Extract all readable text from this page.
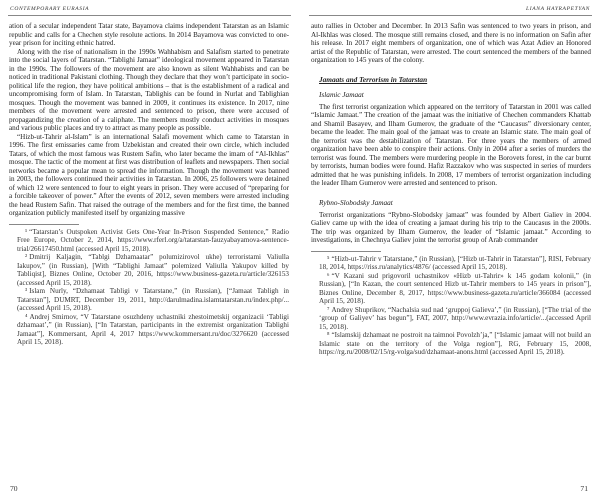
CONTEMPORARY EURASIA	LIANA HAYRAPETYAN

ation of a secular independent Tatar state, Bayamova claims independent Tatarstan as an Islamic republic and calls for a Chechen style resolute actions. In 2014 Bayamova was convicted to one-year prison for inciting ethnic hatred.

Along with the rise of nationalism in the 1990s Wahhabism and Salafism started to penetrate into the social layers of Tatarstan. “Tablighi Jamaat” ideological movement appeared in Tatarstan in the 1990s. The followers of the movement are also known as silent Wahhabists and can be noticed in traditional Pakistani clothing. Though they declare that they won’t participate in socio-political life the region, they have political ambitions – that is the establishment of a radical and uncompromising form of Islam. In Tatarstan, Tablighis can be found in Nurlat and Tablighian mosques. Though the movement was banned in 2009, it continues its existence. In 2017, nine members of the movement were arrested and sentenced to prison, there were accused of propagandizing the creation of a caliphate. The members mostly conduct activities in mosques and various public places and try to attract as many people as possible.

“Hizb-ut-Tahrir al-Islam” is an international Salafi movement which came to Tatarstan in 1996. The first emissaries came from Uzbekistan and created their own circle, which included Tatars, of which the most famous was Rustem Safin, who later became the imam of “Al-Ikhlas” mosque. The tactic of the moment at first was distribution of leaflets and newspapers. Then social networks became a popular mean to spread the information. Though the movement was banned in 2003, the followers continued their activities in Tatarstan. In 2006, 25 followers were detained of which 12 were sentenced to four to eight years in prison. They were accused of “preparing for a forcible takeover of power.” After the events of 2012, seven members were arrested including the head Rustem Safin. That raised the outrage of the members and for the first time, the banned organization publicly manifested itself by organizing massive

¹ “Tatarstan’s Outspoken Activist Gets One-Year In-Prison Suspended Sentence,” Radio Free Europe, October 2, 2014, https://www.rferl.org/a/tatarstan-fauzyabayamova-sentence-trial/26617450.html (accessed April 15, 2018).

² Dmitrij Kaljagin, “Tablgi Dzhamaatar” polumizirovol ukhe) terroristami Valiulla Iakupov,” (in Russian), [With “Tablighi Jamaat” polemized Valiulla Yakupov killed by Tabliqist], Biznes Online, October 20, 2016, https://www.business-gazeta.ru/article/326153 (accessed April 15, 2018).

³ Islam Nurly, “Dzhamaat Tabligi v Tatarstane,” (in Russian), [“Jamaat Tabligh in Tatarstan”], DUMRT, December 19, 2011, http://darulmadina.islamtatarstan.ru/index.php/... (accessed April 15, 2018).

⁴ Andrej Smirnov, “V Tatarstane osuzhdeny uchastniki zhestoimetskij organizacii ‘Tabligi dzhamaat’,” (in Russian), [“In Tatarstan, participants in the extremist organization Tablighi Jamaat”], Kommersant, April 4, 2017 https://www.kommersant.ru/doc/3276620 (accessed April 15, 2018).

auto rallies in October and December. In 2013 Safin was sentenced to two years in prison, and Al-Ikhlas was closed. The mosque still remains closed, and there is no information on Safin after his release. In 2017 eight members of organization, one of which was Azat Adiev an Honored artist of the Republic of Tatarstan, were arrested. The court sentenced the members of the banned organization to 145 years of the colony.

Jamaats and Terrorism in Tatarstan
Islamic Jamaat

The first terrorist organization which appeared on the territory of Tatarstan in 2001 was called “Islamic Jamaat.” The creation of the jamaat was the initiative of Chechen commanders Khattab and Shamil Basayev, and Ilham Gumerov, the graduate of the “Caucasus” diversionary center, became the leader. The main goal of the jamaat was to create an Islamic state. The main goal of the terrorist was the destabilization of Tatarstan. For three years the members of armed organization have been able to conspire their actions. Only in 2004 after a series of murders the terrorist was found. The members were murdering people in the Borovets forest, in the car burnt by terrorists, human bodies were found. Hafiz Razzakov who was suspected in series of murders admitted that he was punishing infidels. In 2008, 17 members of terrorist organization including the leader Ilham Gumerov were arrested and sentenced to prison.

Rybno-Slobodsky Jamaat

Terrorist organizations “Rybno-Slobodsky jamaat” was founded by Albert Galiev in 2004. Galiev came up with the idea of creating a jamaat during his trip to the Caucasus in the 2000s. The trip was organized by Ilham Gumerov, the leader of “Islamic jamaat.” According to investigations, in Chechnya Galiev joint the terrorist group of Arab commander

⁵ “Hizb-ut-Tahrir v Tatarstane,” (in Russian), [“Hizb ut-Tahrir in Tatarstan”], RISI, February 18, 2014, https://riss.ru/analytics/4876/ (accessed April 15, 2018).

⁶ “V Kazani sud prigovoril uchastnikov «Hizb ut-Tahrir» k 145 godam kolonii,” (in Russian), [“In Kazan, the court sentenced Hizb ut-Tahrir members to 145 years in prison”], Biznes Online, December 8, 2017, https://www.business-gazeta.ru/article/366084 (accessed April 15, 2018).

⁷ Andrey Shuprikov, “Nachalsia sud nad ‘gruppoj Galieva’,” (in Russian), [“The trial of the ‘group of Galiyev’ has begun”], FAT, 2007, http://www.evrazia.info/article/...(accessed April 15, 2018).

⁸ “Islamskij dzhamaat ne postroit na taimnoi Povolzh’ja,” [“Islamic jamaat will not build an Islamic state on the territory of the Volga region”], RG, February 15, 2008, https://rg.ru/2008/02/15/rg-volga/sud/dzhamaat-anons.html (accessed April 15, 2018).

70	71
